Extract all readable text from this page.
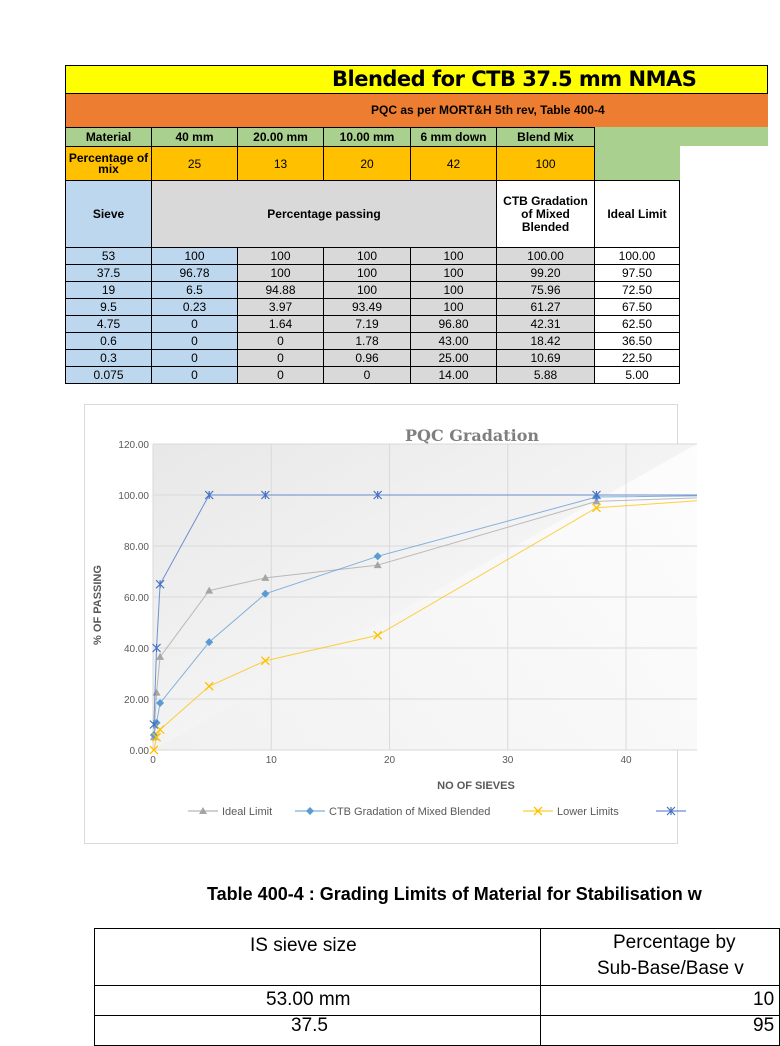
Blended for CTB 37.5 mm NMAS
PQC as per MORT&H 5th rev, Table 400-4
Material	40 mm	20.00 mm	10.00 mm	6 mm down	Blend Mix	
Percentage of mix	25	13	20	42	100	
Sieve	Percentage passing				CTB Gradation of Mixed Blended	Ideal Limit
53	100	100	100	100	100.00	100.00
37.5	96.78	100	100	100	99.20	97.50
19	6.5	94.88	100	100	75.96	72.50
9.5	0.23	3.97	93.49	100	61.27	67.50
4.75	0	1.64	7.19	96.80	42.31	62.50
0.6	0	0	1.78	43.00	18.42	36.50
0.3	0	0	0.96	25.00	10.69	22.50
0.075	0	0	0	14.00	5.88	5.00
0.00
20.00
40.00
60.00
80.00
100.00
120.00
0	10	20	30	40
PQC Gradation
% OF PASSING
NO OF SIEVES
Ideal Limit	CTB Gradation of Mixed Blended	Lower Limits
Table 400-4 : Grading Limits of Material for Stabilisation w
IS sieve size	Percentage by
Sub-Base/Base v
53.00 mm	10
37.5	95
